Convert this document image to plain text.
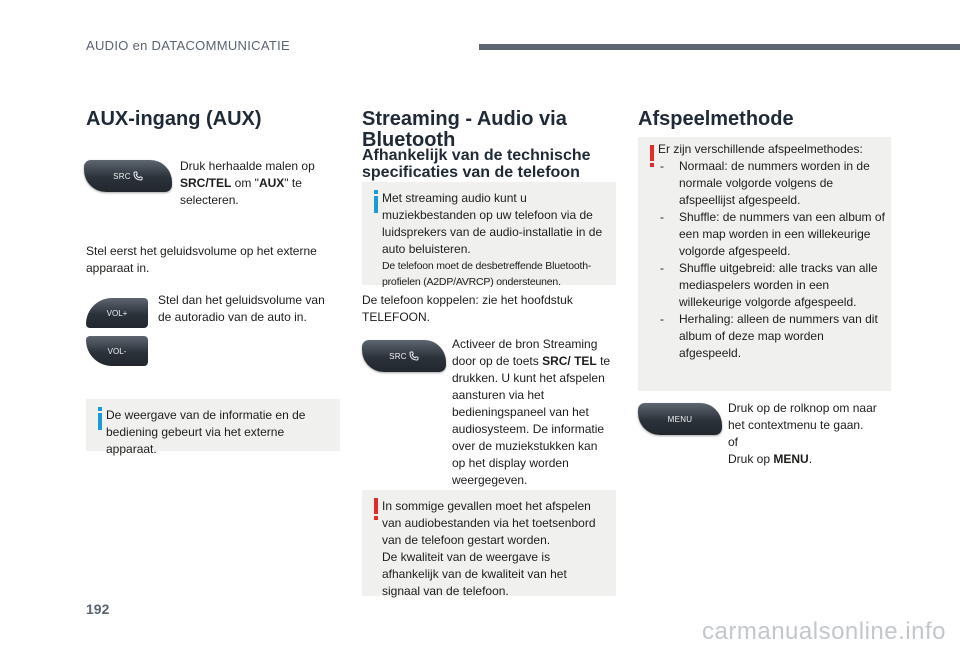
AUDIO en DATACOMMUNICATIE
AUX-ingang (AUX)
SRC

Druk herhaalde malen op SRC/TEL om "AUX" te selecteren.

Stel eerst het geluidsvolume op het externe apparaat in.

VOL+
VOL-

Stel dan het geluidsvolume van de autoradio van de auto in.

De weergave van de informatie en de bediening gebeurt via het externe apparaat.
Streaming - Audio via Bluetooth
Afhankelijk van de technische specificaties van de telefoon
Met streaming audio kunt u muziekbestanden op uw telefoon via de luidsprekers van de audio-installatie in de auto beluisteren.
De telefoon moet de desbetreffende Bluetooth-profielen (A2DP/AVRCP) ondersteunen.

De telefoon koppelen: zie het hoofdstuk TELEFOON.

SRC

Activeer de bron Streaming door op de toets SRC/ TEL te drukken. U kunt het afspelen aansturen via het bedieningspaneel van het audiosysteem. De informatie over de muziekstukken kan op het display worden weergegeven.

In sommige gevallen moet het afspelen van audiobestanden via het toetsenbord van de telefoon gestart worden.
De kwaliteit van de weergave is afhankelijk van de kwaliteit van het signaal van de telefoon.
Afspeelmethode
Er zijn verschillende afspeelmethodes:
- Normaal: de nummers worden in de normale volgorde volgens de afspeellijst afgespeeld.
- Shuffle: de nummers van een album of een map worden in een willekeurige volgorde afgespeeld.
- Shuffle uitgebreid: alle tracks van alle mediaspelers worden in een willekeurige volgorde afgespeeld.
- Herhaling: alleen de nummers van dit album of deze map worden afgespeeld.
MENU

Druk op de rolknop om naar het contextmenu te gaan.
of
Druk op MENU.

192
carmanualsonline.info
